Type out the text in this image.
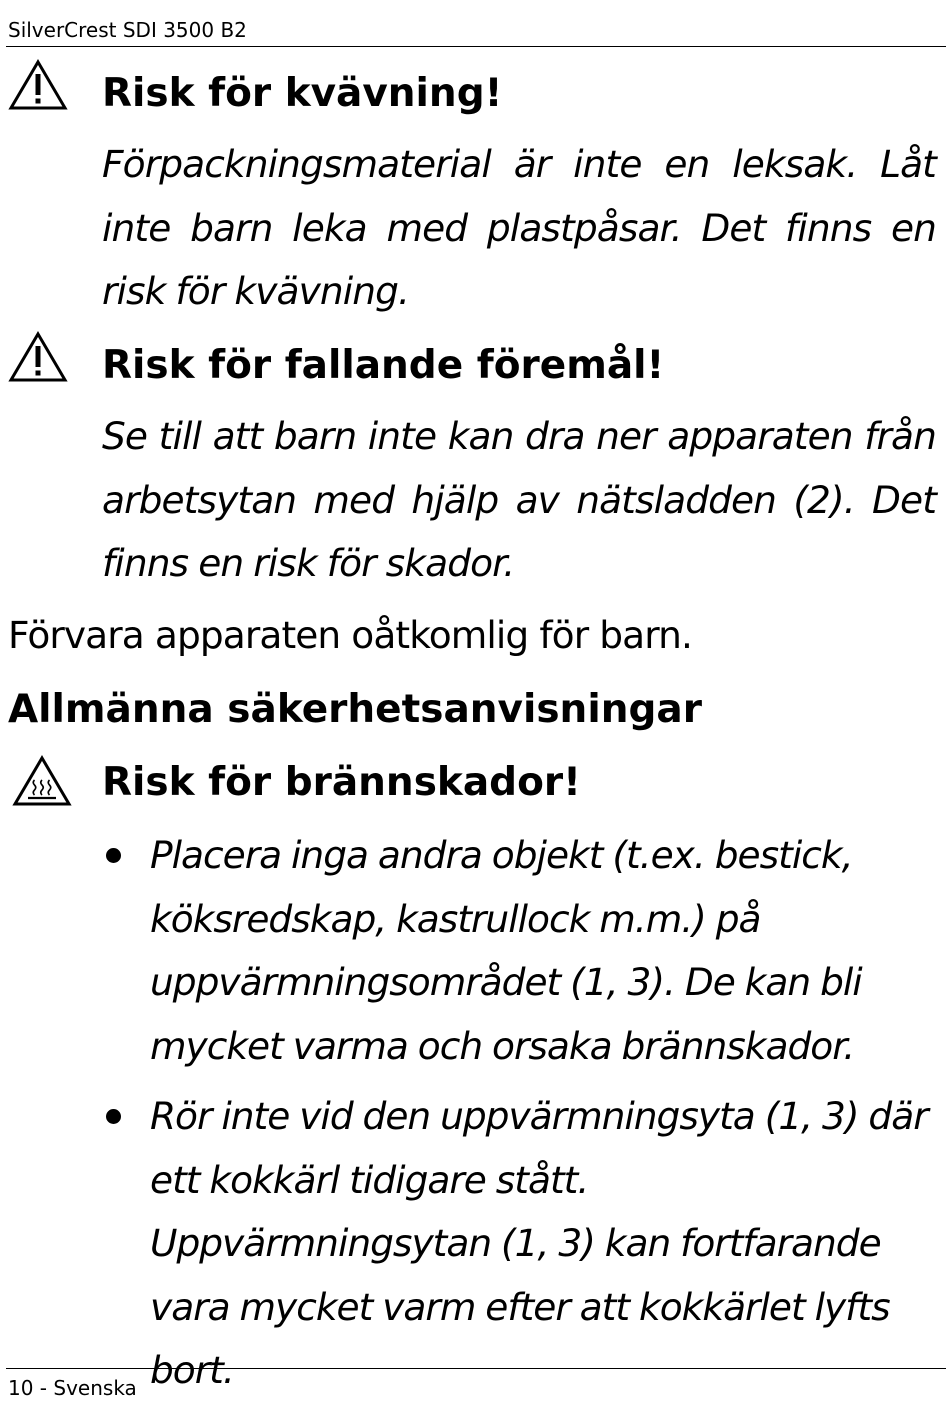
SilverCrest SDI 3500 B2
Risk för kvävning!

Förpackningsmaterial är inte en leksak. Låt inte barn leka med plastpåsar. Det finns en risk för kvävning.

Risk för fallande föremål!

Se till att barn inte kan dra ner apparaten från arbetsytan med hjälp av nätsladden (2). Det finns en risk för skador.

Förvara apparaten oåtkomlig för barn.

Allmänna säkerhetsanvisningar
Risk för brännskador!
Placera inga andra objekt (t.ex. bestick, köksredskap, kastrullock m.m.) på uppvärmningsområdet (1, 3). De kan bli mycket varma och orsaka brännskador.
Rör inte vid den uppvärmningsyta (1, 3) där ett kokkärl tidigare stått. Uppvärmningsytan (1, 3) kan fortfarande vara mycket varm efter att kokkärlet lyfts bort.
10 - Svenska
